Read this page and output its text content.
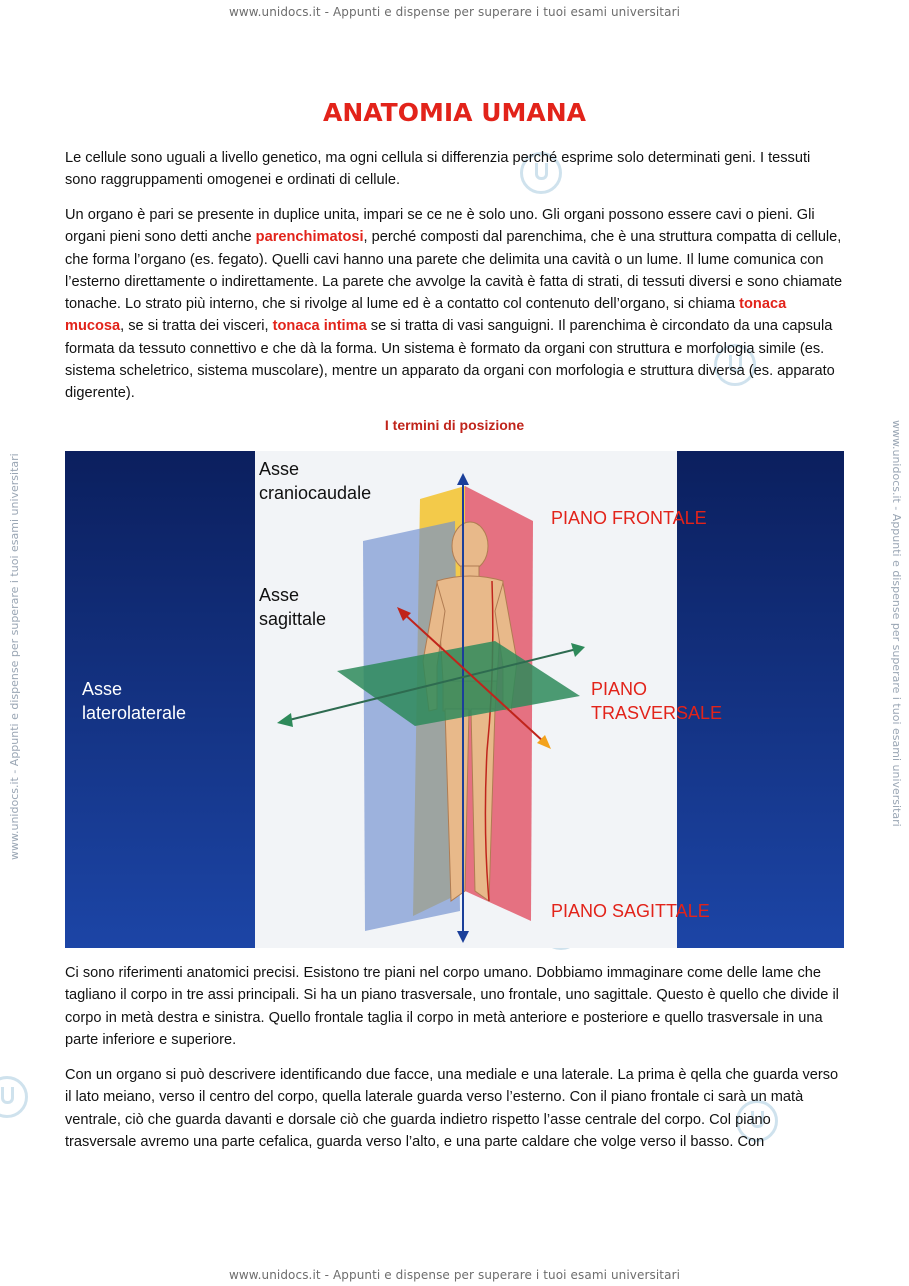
www.unidocs.it - Appunti e dispense per superare i tuoi esami universitari
www.unidocs.it - Appunti e dispense per superare i tuoi esami universitari	www.unidocs.it - Appunti e dispense per superare i tuoi esami universitari
ANATOMIA UMANA

Le cellule sono uguali a livello genetico, ma ogni cellula si differenzia perché esprime solo determinati geni. I tessuti sono raggruppamenti omogenei e ordinati di cellule.

Un organo è pari se presente in duplice unita, impari se ce ne è solo uno. Gli organi possono essere cavi o pieni. Gli organi pieni sono detti anche parenchimatosi, perché composti dal parenchima, che è una struttura compatta di cellule, che forma l’organo (es. fegato). Quelli cavi hanno una parete che delimita una cavità o un lume. Il lume comunica con l’esterno direttamente o indirettamente. La parete che avvolge la cavità è fatta di strati, di tessuti diversi e sono chiamate tonache. Lo strato più interno, che si rivolge al lume ed è a contatto col contenuto dell’organo, si chiama tonaca mucosa, se si tratta dei visceri, tonaca intima se si tratta di vasi sanguigni. Il parenchima è circondato da una capsula formata da tessuto connettivo e che dà la forma. Un sistema è formato da organi con struttura e morfologia simile (es. sistema scheletrico, sistema muscolare), mentre un apparato da organi con morfologia e struttura diversa (es. apparato digerente).

I termini di posizione
Asse
craniocaudale
Asse
sagittale
Asse
laterolaterale
PIANO FRONTALE
PIANO
TRASVERSALE
PIANO SAGITTALE

Ci sono riferimenti anatomici precisi. Esistono tre piani nel corpo umano. Dobbiamo immaginare come delle lame che tagliano il corpo in tre assi principali. Si ha un piano trasversale, uno frontale, uno sagittale. Questo è quello che divide il corpo in metà destra e sinistra. Quello frontale taglia il corpo in metà anteriore e posteriore e quello trasversale in una parte inferiore e superiore.

Con un organo si può descrivere identificando due facce, una mediale e una laterale. La prima è qella che guarda verso il lato meiano, verso il centro del corpo, quella laterale guarda verso l’esterno. Con il piano frontale ci sarà un matà ventrale, ciò che guarda davanti e dorsale ciò che guarda indietro rispetto l’asse centrale del corpo. Col piano trasversale avremo una parte cefalica, guarda verso l’alto, e una parte caldare che volge verso il basso. Con

www.unidocs.it - Appunti e dispense per superare i tuoi esami universitari
